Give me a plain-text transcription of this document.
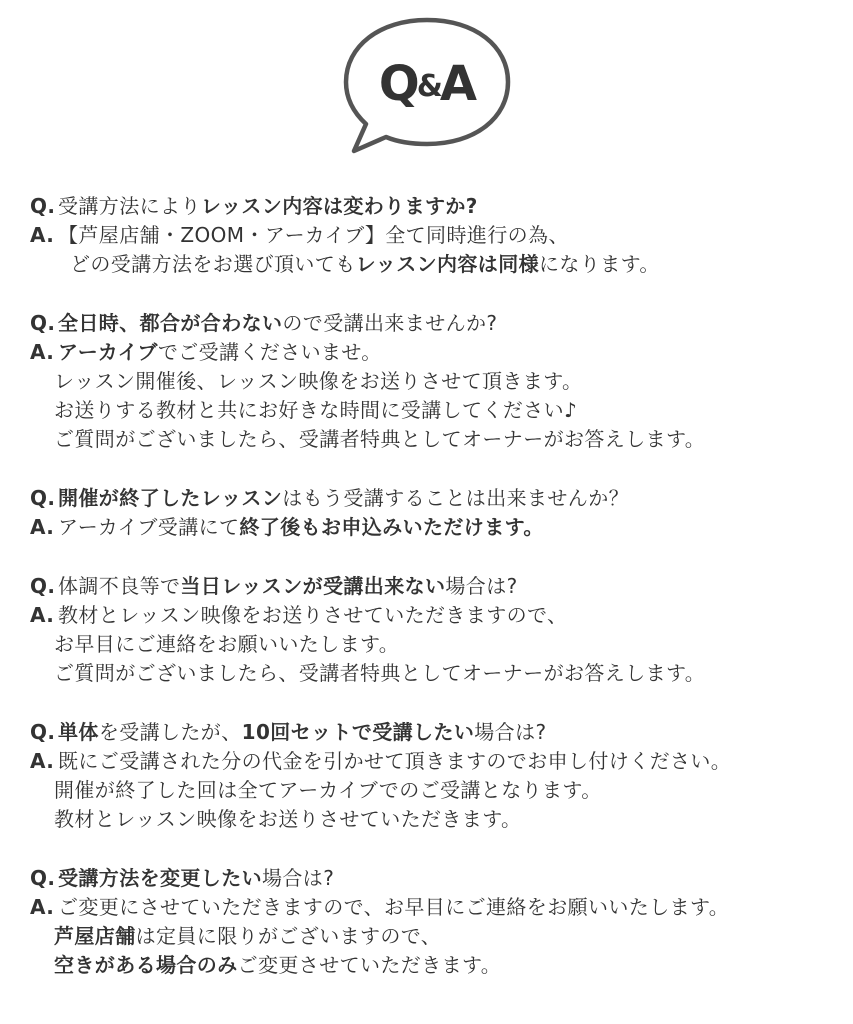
Q&A
Q. 受講方法によりレッスン内容は変わりますか?
A. 【芦屋店舗・ZOOM・アーカイブ】全て同時進行の為、
どの受講方法をお選び頂いてもレッスン内容は同様になります。
Q. 全日時、都合が合わないので受講出来ませんか?
A. アーカイブでご受講くださいませ。
レッスン開催後、レッスン映像をお送りさせて頂きます。
お送りする教材と共にお好きな時間に受講してください♪
ご質問がございましたら、受講者特典としてオーナーがお答えします。
Q. 開催が終了したレッスンはもう受講することは出来ませんか？
A. アーカイブ受講にて終了後もお申込みいただけます。
Q. 体調不良等で当日レッスンが受講出来ない場合は?
A. 教材とレッスン映像をお送りさせていただきますので、
お早目にご連絡をお願いいたします。
ご質問がございましたら、受講者特典としてオーナーがお答えします。
Q. 単体を受講したが、10回セットで受講したい場合は?
A. 既にご受講された分の代金を引かせて頂きますのでお申し付けください。
開催が終了した回は全てアーカイブでのご受講となります。
教材とレッスン映像をお送りさせていただきます。
Q. 受講方法を変更したい場合は?
A. ご変更にさせていただきますので、お早目にご連絡をお願いいたします。
芦屋店舗は定員に限りがございますので、
空きがある場合のみご変更させていただきます。
